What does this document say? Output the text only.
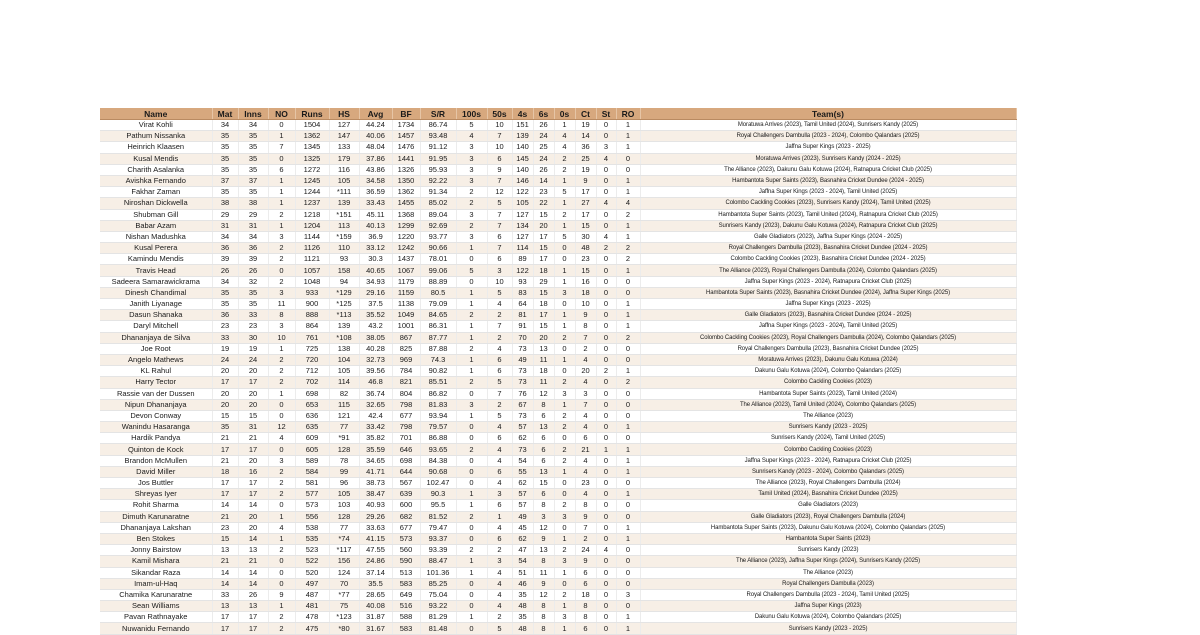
Name	Mat	Inns	NO	Runs	HS	Avg	BF	S/R	100s	50s	4s	6s	0s	Ct	St	RO	Team(s)
Virat Kohli	34	34	0	1504	127	44.24	1734	86.74	5	10	151	26	1	19	0	1	Moratuwa Arrives (2023), Tamil United (2024), Sunrisers Kandy (2025)
Pathum Nissanka	35	35	1	1362	147	40.06	1457	93.48	4	7	139	24	4	14	0	1	Royal Challengers Dambulla (2023 - 2024), Colombo Qalandars (2025)
Heinrich Klaasen	35	35	7	1345	133	48.04	1476	91.12	3	10	140	25	4	36	3	1	Jaffna Super Kings (2023 - 2025)
Kusal Mendis	35	35	0	1325	179	37.86	1441	91.95	3	6	145	24	2	25	4	0	Moratuwa Arrives (2023), Sunrisers Kandy (2024 - 2025)
Charith Asalanka	35	35	6	1272	116	43.86	1326	95.93	3	9	140	26	2	19	0	0	The Alliance (2023), Dakunu Galu Kotuwa (2024), Ratnapura Cricket Club (2025)
Avishka Fernando	37	37	1	1245	105	34.58	1350	92.22	3	7	146	14	1	9	0	1	Hambantota Super Saints (2023), Basnahira Cricket Dundee (2024 - 2025)
Fakhar Zaman	35	35	1	1244	*111	36.59	1362	91.34	2	12	122	23	5	17	0	1	Jaffna Super Kings (2023 - 2024), Tamil United (2025)
Niroshan Dickwella	38	38	1	1237	139	33.43	1455	85.02	2	5	105	22	1	27	4	4	Colombo Cackling Cookies (2023), Sunrisers Kandy (2024), Tamil United (2025)
Shubman Gill	29	29	2	1218	*151	45.11	1368	89.04	3	7	127	15	2	17	0	2	Hambantota Super Saints (2023), Tamil United (2024), Ratnapura Cricket Club (2025)
Babar Azam	31	31	1	1204	113	40.13	1299	92.69	2	7	134	20	1	15	0	1	Sunrisers Kandy (2023), Dakunu Galu Kotuwa (2024), Ratnapura Cricket Club (2025)
Nishan Madushka	34	34	3	1144	*159	36.9	1220	93.77	3	6	127	17	5	30	4	1	Galle Gladiators (2023), Jaffna Super Kings (2024 - 2025)
Kusal Perera	36	36	2	1126	110	33.12	1242	90.66	1	7	114	15	0	48	2	2	Royal Challengers Dambulla (2023), Basnahira Cricket Dundee (2024 - 2025)
Kamindu Mendis	39	39	2	1121	93	30.3	1437	78.01	0	6	89	17	0	23	0	2	Colombo Cackling Cookies (2023), Basnahira Cricket Dundee (2024 - 2025)
Travis Head	26	26	0	1057	158	40.65	1067	99.06	5	3	122	18	1	15	0	1	The Alliance (2023), Royal Challengers Dambulla (2024), Colombo Qalandars (2025)
Sadeera Samarawickrama	34	32	2	1048	94	34.93	1179	88.89	0	10	93	29	1	16	0	0	Jaffna Super Kings (2023 - 2024), Ratnapura Cricket Club (2025)
Dinesh Chandimal	35	35	3	933	*129	29.16	1159	80.5	1	5	83	15	3	18	0	0	Hambantota Super Saints (2023), Basnahira Cricket Dundee (2024), Jaffna Super Kings (2025)
Janith Liyanage	35	35	11	900	*125	37.5	1138	79.09	1	4	64	18	0	10	0	1	Jaffna Super Kings (2023 - 2025)
Dasun Shanaka	36	33	8	888	*113	35.52	1049	84.65	2	2	81	17	1	9	0	1	Galle Gladiators (2023), Basnahira Cricket Dundee (2024 - 2025)
Daryl Mitchell	23	23	3	864	139	43.2	1001	86.31	1	7	91	15	1	8	0	1	Jaffna Super Kings (2023 - 2024), Tamil United (2025)
Dhananjaya de Silva	33	30	10	761	*108	38.05	867	87.77	1	2	70	20	2	7	0	2	Colombo Cackling Cookies (2023), Royal Challengers Dambulla (2024), Colombo Qalandars (2025)
Joe Root	19	19	1	725	138	40.28	825	87.88	2	4	73	13	0	2	0	0	Royal Challengers Dambulla (2023), Basnahira Cricket Dundee (2025)
Angelo Mathews	24	24	2	720	104	32.73	969	74.3	1	6	49	11	1	4	0	0	Moratuwa Arrives (2023), Dakunu Galu Kotuwa (2024)
KL Rahul	20	20	2	712	105	39.56	784	90.82	1	6	73	18	0	20	2	1	Dakunu Galu Kotuwa (2024), Colombo Qalandars (2025)
Harry Tector	17	17	2	702	114	46.8	821	85.51	2	5	73	11	2	4	0	2	Colombo Cackling Cookies (2023)
Rassie van der Dussen	20	20	1	698	82	36.74	804	86.82	0	7	76	12	3	3	0	0	Hambantota Super Saints (2023), Tamil United (2024)
Nipun Dhananjaya	20	20	0	653	115	32.65	798	81.83	3	2	67	8	1	7	0	0	The Alliance (2023), Tamil United (2024), Colombo Qalandars (2025)
Devon Conway	15	15	0	636	121	42.4	677	93.94	1	5	73	6	2	4	0	0	The Alliance (2023)
Wanindu Hasaranga	35	31	12	635	77	33.42	798	79.57	0	4	57	13	2	4	0	1	Sunrisers Kandy (2023 - 2025)
Hardik Pandya	21	21	4	609	*91	35.82	701	86.88	0	6	62	6	0	6	0	0	Sunrisers Kandy (2024), Tamil United (2025)
Quinton de Kock	17	17	0	605	128	35.59	646	93.65	2	4	73	6	2	21	1	1	Colombo Cackling Cookies (2023)
Brandon McMullen	21	20	3	589	78	34.65	698	84.38	0	4	54	6	2	4	0	1	Jaffna Super Kings (2023 - 2024), Ratnapura Cricket Club (2025)
David Miller	18	16	2	584	99	41.71	644	90.68	0	6	55	13	1	4	0	1	Sunrisers Kandy (2023 - 2024), Colombo Qalandars (2025)
Jos Buttler	17	17	2	581	96	38.73	567	102.47	0	4	62	15	0	23	0	0	The Alliance (2023), Royal Challengers Dambulla (2024)
Shreyas Iyer	17	17	2	577	105	38.47	639	90.3	1	3	57	6	0	4	0	1	Tamil United (2024), Basnahira Cricket Dundee (2025)
Rohit Sharma	14	14	0	573	103	40.93	600	95.5	1	6	57	8	2	8	0	0	Galle Gladiators (2023)
Dimuth Karunaratne	21	20	1	556	128	29.26	682	81.52	2	1	49	3	3	9	0	0	Galle Gladiators (2023), Royal Challengers Dambulla (2024)
Dhananjaya Lakshan	23	20	4	538	77	33.63	677	79.47	0	4	45	12	0	7	0	1	Hambantota Super Saints (2023), Dakunu Galu Kotuwa (2024), Colombo Qalandars (2025)
Ben Stokes	15	14	1	535	*74	41.15	573	93.37	0	6	62	9	1	2	0	1	Hambantota Super Saints (2023)
Jonny Bairstow	13	13	2	523	*117	47.55	560	93.39	2	2	47	13	2	24	4	0	Sunrisers Kandy (2023)
Kamil Mishara	21	21	0	522	156	24.86	590	88.47	1	3	54	8	3	9	0	0	The Alliance (2023), Jaffna Super Kings (2024), Sunrisers Kandy (2025)
Sikandar Raza	14	14	0	520	124	37.14	513	101.36	1	4	51	11	1	6	0	0	The Alliance (2023)
Imam-ul-Haq	14	14	0	497	70	35.5	583	85.25	0	4	46	9	0	6	0	0	Royal Challengers Dambulla (2023)
Chamika Karunaratne	33	26	9	487	*77	28.65	649	75.04	0	4	35	12	2	18	0	3	Royal Challengers Dambulla (2023 - 2024), Tamil United (2025)
Sean Williams	13	13	1	481	75	40.08	516	93.22	0	4	48	8	1	8	0	0	Jaffna Super Kings (2023)
Pavan Rathnayake	17	17	2	478	*123	31.87	588	81.29	1	2	35	8	3	8	0	1	Dakunu Galu Kotuwa (2024), Colombo Qalandars (2025)
Nuwanidu Fernando	17	17	2	475	*80	31.67	583	81.48	0	5	48	8	1	6	0	1	Sunrisers Kandy (2023 - 2025)
